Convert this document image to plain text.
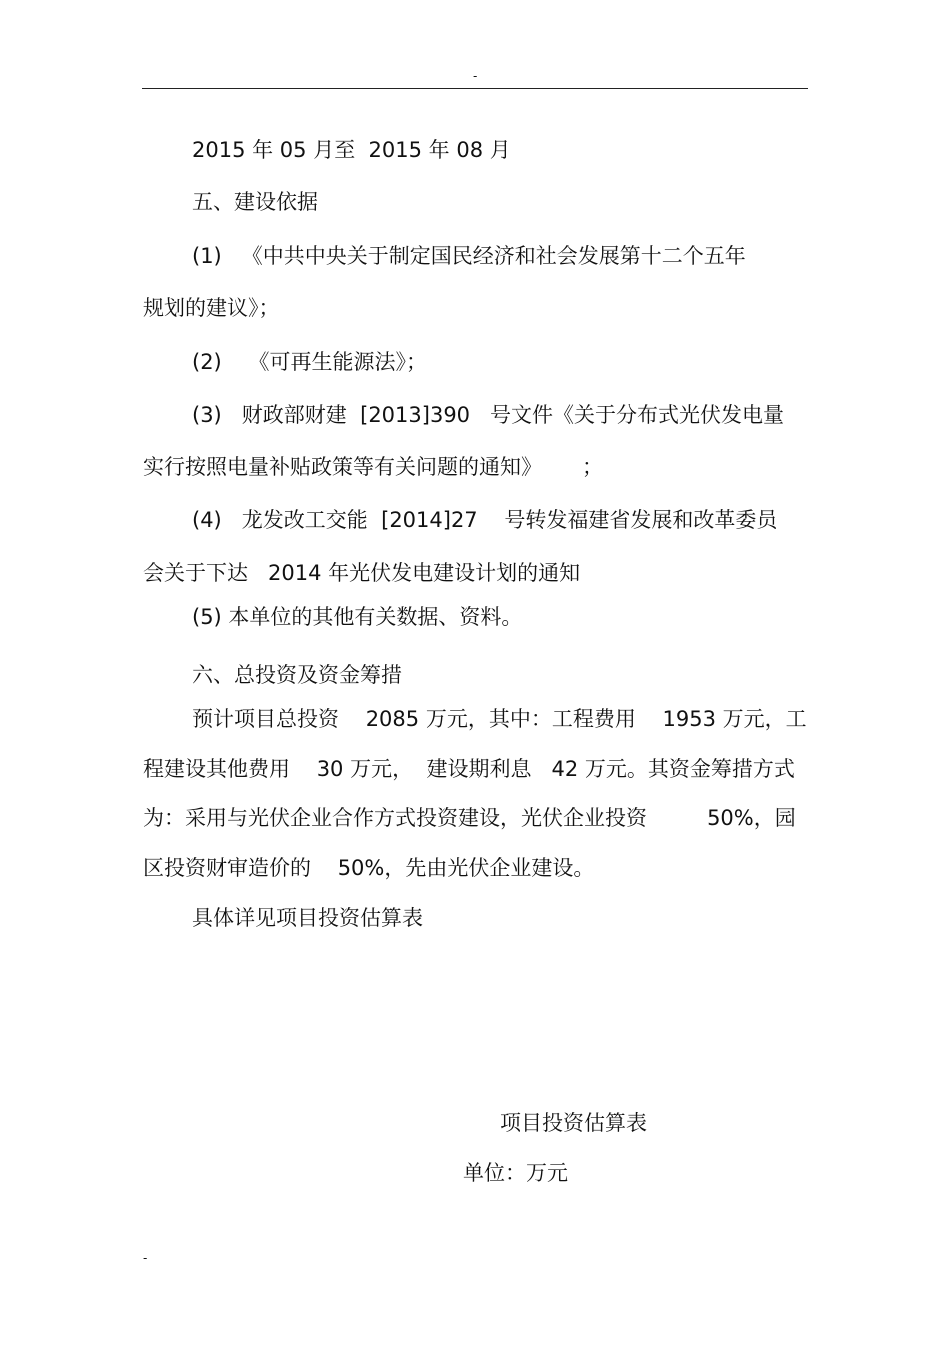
-
2015 年 05 月至  2015 年 08 月
五、建设依据
(1)   《中共中央关于制定国民经济和社会发展第十二个五年
规划的建议》；
(2)    《可再生能源法》；
(3)   财政部财建  [2013]390   号文件《关于分布式光伏发电量
实行按照电量补贴政策等有关问题的通知》      ；
(4)   龙发改工交能  [2014]27    号转发福建省发展和改革委员
会关于下达   2014 年光伏发电建设计划的通知
(5) 本单位的其他有关数据、资料。
六、总投资及资金筹措
预计项目总投资    2085 万元，其中：工程费用    1953 万元，工
程建设其他费用    30 万元，  建设期利息   42 万元。其资金筹措方式
为：采用与光伏企业合作方式投资建设，光伏企业投资         50%，园
区投资财审造价的    50%，先由光伏企业建设。
具体详见项目投资估算表
项目投资估算表
单位：万元
-
